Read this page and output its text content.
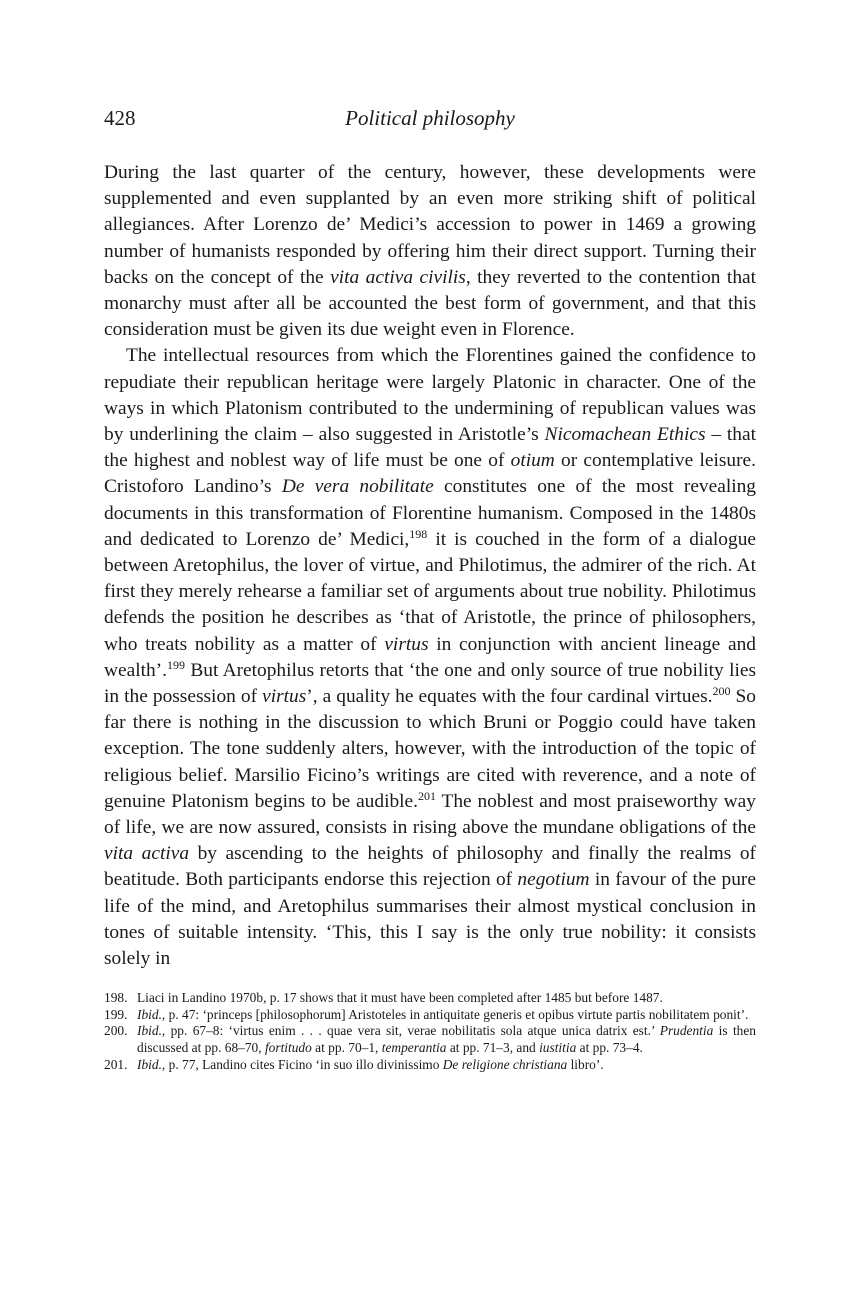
428	Political philosophy

During the last quarter of the century, however, these developments were supplemented and even supplanted by an even more striking shift of political allegiances. After Lorenzo de’ Medici’s accession to power in 1469 a growing number of humanists responded by offering him their direct support. Turning their backs on the concept of the vita activa civilis, they reverted to the contention that monarchy must after all be accounted the best form of government, and that this consideration must be given its due weight even in Florence.

The intellectual resources from which the Florentines gained the confidence to repudiate their republican heritage were largely Platonic in character. One of the ways in which Platonism contributed to the undermining of republican values was by underlining the claim – also suggested in Aristotle’s Nicomachean Ethics – that the highest and noblest way of life must be one of otium or contemplative leisure. Cristoforo Landino’s De vera nobilitate constitutes one of the most revealing documents in this transformation of Florentine humanism. Composed in the 1480s and dedicated to Lorenzo de’ Medici,$^{198}$ it is couched in the form of a dialogue between Aretophilus, the lover of virtue, and Philotimus, the admirer of the rich. At first they merely rehearse a familiar set of arguments about true nobility. Philotimus defends the position he describes as ‘that of Aristotle, the prince of philosophers, who treats nobility as a matter of virtus in conjunction with ancient lineage and wealth’.$^{199}$ But Aretophilus retorts that ‘the one and only source of true nobility lies in the possession of virtus’, a quality he equates with the four cardinal virtues.$^{200}$ So far there is nothing in the discussion to which Bruni or Poggio could have taken exception. The tone suddenly alters, however, with the introduction of the topic of religious belief. Marsilio Ficino’s writings are cited with reverence, and a note of genuine Platonism begins to be audible.$^{201}$ The noblest and most praiseworthy way of life, we are now assured, consists in rising above the mundane obligations of the vita activa by ascending to the heights of philosophy and finally the realms of beatitude. Both participants endorse this rejection of negotium in favour of the pure life of the mind, and Aretophilus summarises their almost mystical conclusion in tones of suitable intensity. ‘This, this I say is the only true nobility: it consists solely in

198. Liaci in Landino 1970b, p. 17 shows that it must have been completed after 1485 but before 1487.
199. Ibid., p. 47: ‘princeps [philosophorum] Aristoteles in antiquitate generis et opibus virtute partis nobilitatem ponit’.
200. Ibid., pp. 67–8: ‘virtus enim . . . quae vera sit, verae nobilitatis sola atque unica datrix est.’ Prudentia is then discussed at pp. 68–70, fortitudo at pp. 70–1, temperantia at pp. 71–3, and iustitia at pp. 73–4.
201. Ibid., p. 77, Landino cites Ficino ‘in suo illo divinissimo De religione christiana libro’.
